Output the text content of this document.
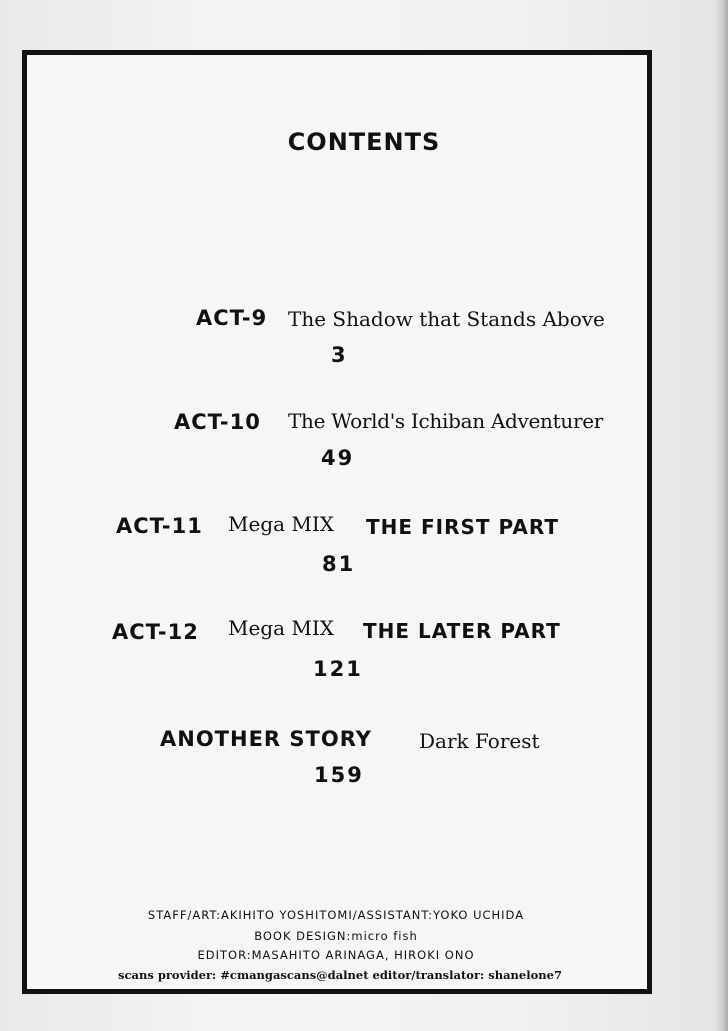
CONTENTS
ACT-9 The Shadow that Stands Above
3
ACT-10 The World's Ichiban Adventurer
49
ACT-11 Mega MIX THE FIRST PART
81
ACT-12 Mega MIX THE LATER PART
121
ANOTHER STORY Dark Forest
159
STAFF/ART:AKIHITO YOSHITOMI/ASSISTANT:YOKO UCHIDA
BOOK DESIGN:micro fish
EDITOR:MASAHITO ARINAGA, HIROKI ONO
scans provider: #cmangascans@dalnet editor/translator: shanelone7
